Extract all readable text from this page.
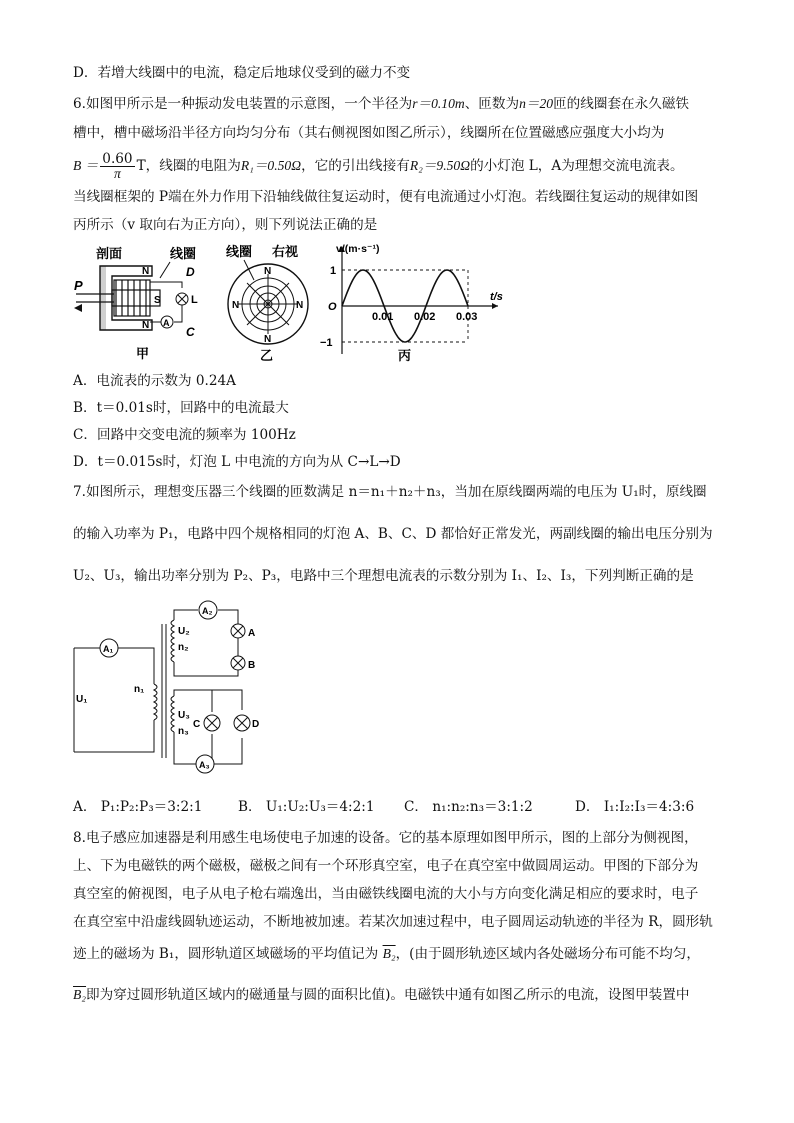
D．若增大线圈中的电流，稳定后地球仪受到的磁力不变
6.如图甲所示是一种振动发电装置的示意图，一个半径为r＝0.10m、匝数为n＝20匝的线圈套在永久磁铁
槽中，槽中磁场沿半径方向均匀分布（其右侧视图如图乙所示），线圈所在位置磁感应强度大小均为
$B = \frac{0.60}{\pi}$ T，线圈的电阻为R₁＝0.50Ω，它的引出线接有R₂＝9.50Ω的小灯泡 L，A为理想交流电流表。
当线圈框架的 P端在外力作用下沿轴线做往复运动时，便有电流通过小灯泡。若线圈往复运动的规律如图
丙所示（v 取向右为正方向），则下列说法正确的是
剖面	线圈
P
N
S
N A
D
L
C
甲
线圈 右视
N
N	N
N
乙
v/(m·s⁻¹)
t/s
O
1
−1
0.01 0.02 0.03
丙
A．电流表的示数为 0.24A
B．t＝0.01s时，回路中的电流最大
C．回路中交变电流的频率为 100Hz
D．t＝0.015s时，灯泡 L 中电流的方向为从 C→L→D
7.如图所示，理想变压器三个线圈的匝数满足 n＝n₁＋n₂＋n₃，当加在原线圈两端的电压为 U₁时，原线圈
的输入功率为 P₁，电路中四个规格相同的灯泡 A、B、C、D 都恰好正常发光，两副线圈的输出电压分别为
U₂、U₃，输出功率分别为 P₂、P₃，电路中三个理想电流表的示数分别为 I₁、I₂、I₃，下列判断正确的是
A₁
A₂
A₃
A
B
C	D
U₁
n₁
U₂
n₂
U₃
n₃
A． P₁:P₂:P₃＝3:2:1	B． U₁:U₂:U₃＝4:2:1 C． n₁:n₂:n₃＝3:1:2	D． I₁:I₂:I₃＝4:3:6
8.电子感应加速器是利用感生电场使电子加速的设备。它的基本原理如图甲所示，图的上部分为侧视图，
上、下为电磁铁的两个磁极，磁极之间有一个环形真空室，电子在真空室中做圆周运动。甲图的下部分为
真空室的俯视图，电子从电子枪右端逸出，当由磁铁线圈电流的大小与方向变化满足相应的要求时，电子
在真空室中沿虚线圆轨迹运动，不断地被加速。若某次加速过程中，电子圆周运动轨迹的半径为 R，圆形轨
迹上的磁场为 B₁，圆形轨道区域磁场的平均值记为 B₂，(由于圆形轨迹区域内各处磁场分布可能不均匀，
B₂即为穿过圆形轨道区域内的磁通量与圆的面积比值)。电磁铁中通有如图乙所示的电流，设图甲装置中
